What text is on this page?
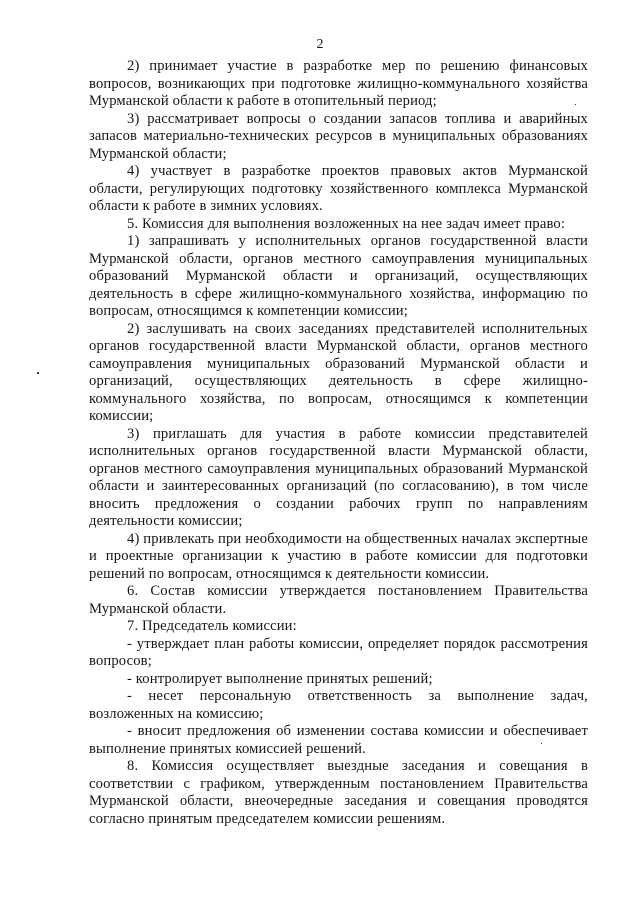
2

2) принимает участие в разработке мер по решению финансовых вопросов, возникающих при подготовке жилищно-коммунального хозяйства Мурманской области к работе в отопительный период;

3) рассматривает вопросы о создании запасов топлива и аварийных запасов материально-технических ресурсов в муниципальных образованиях Мурманской области;

4) участвует в разработке проектов правовых актов Мурманской области, регулирующих подготовку хозяйственного комплекса Мурманской области к работе в зимних условиях.

5. Комиссия для выполнения возложенных на нее задач имеет право:

1) запрашивать у исполнительных органов государственной власти Мурманской области, органов местного самоуправления муниципальных образований Мурманской области и организаций, осуществляющих деятельность в сфере жилищно-коммунального хозяйства, информацию по вопросам, относящимся к компетенции комиссии;

2) заслушивать на своих заседаниях представителей исполнительных органов государственной власти Мурманской области, органов местного самоуправления муниципальных образований Мурманской области и организаций, осуществляющих деятельность в сфере жилищно-коммунального хозяйства, по вопросам, относящимся к компетенции комиссии;

3) приглашать для участия в работе комиссии представителей исполнительных органов государственной власти Мурманской области, органов местного самоуправления муниципальных образований Мурманской области и заинтересованных организаций (по согласованию), в том числе вносить предложения о создании рабочих групп по направлениям деятельности комиссии;

4) привлекать при необходимости на общественных началах экспертные и проектные организации к участию в работе комиссии для подготовки решений по вопросам, относящимся к деятельности комиссии.

6. Состав комиссии утверждается постановлением Правительства Мурманской области.

7. Председатель комиссии:

- утверждает план работы комиссии, определяет порядок рассмотрения вопросов;

- контролирует выполнение принятых решений;

- несет персональную ответственность за выполнение задач, возложенных на комиссию;

- вносит предложения об изменении состава комиссии и обеспечивает выполнение принятых комиссией решений.

8. Комиссия осуществляет выездные заседания и совещания в соответствии с графиком, утвержденным постановлением Правительства Мурманской области, внеочередные заседания и совещания проводятся согласно принятым председателем комиссии решениям.
